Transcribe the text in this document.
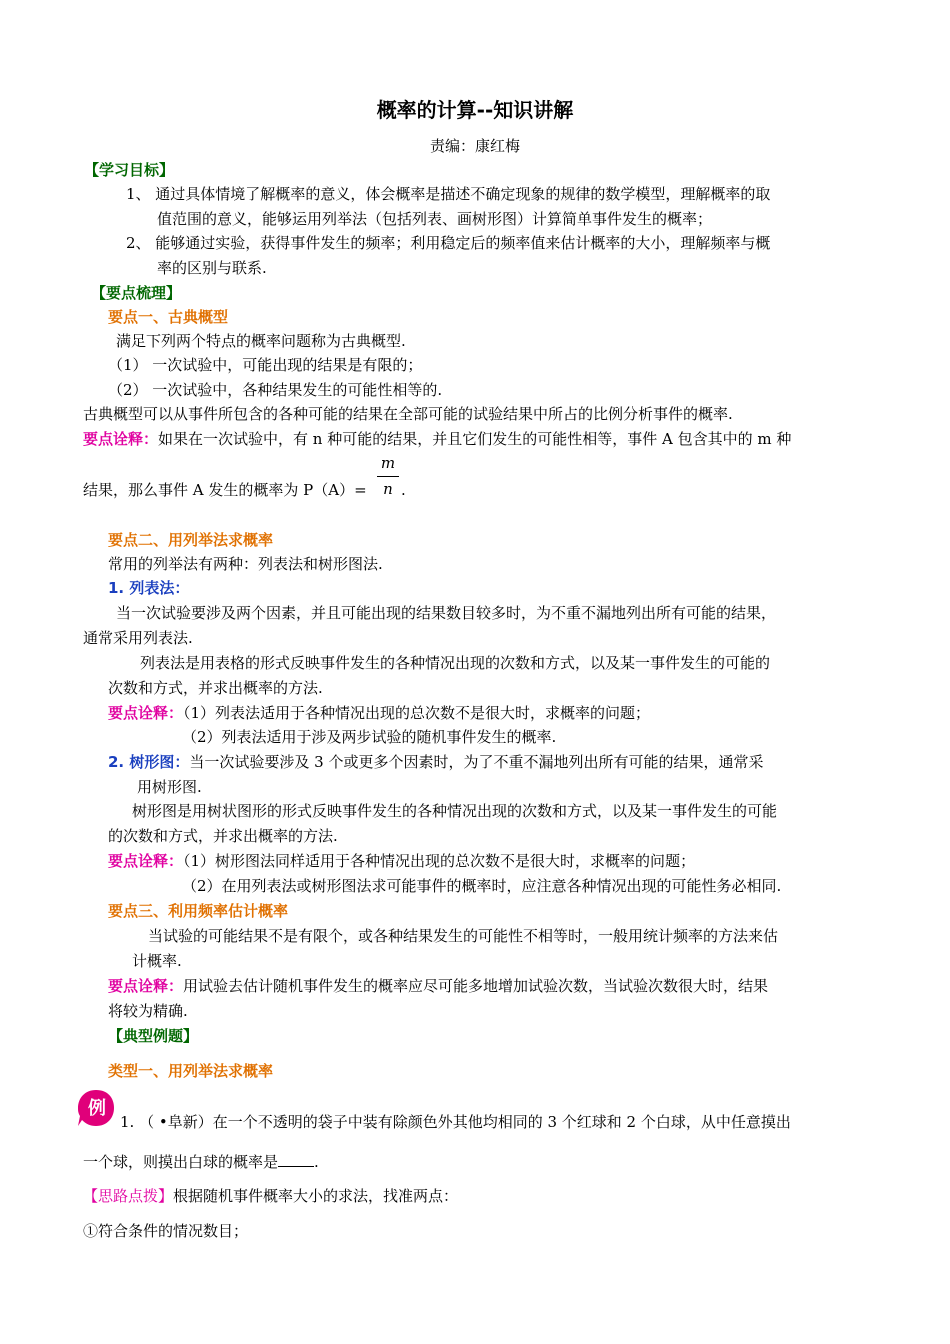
概率的计算--知识讲解
责编：康红梅
【学习目标】
1、 通过具体情境了解概率的意义，体会概率是描述不确定现象的规律的数学模型，理解概率的取
值范围的意义，能够运用列举法（包括列表、画树形图）计算简单事件发生的概率；
2、 能够通过实验，获得事件发生的频率；利用稳定后的频率值来估计概率的大小，理解频率与概
率的区别与联系.
【要点梳理】
要点一、古典概型
满足下列两个特点的概率问题称为古典概型.
（1） 一次试验中，可能出现的结果是有限的；
（2） 一次试验中，各种结果发生的可能性相等的.
古典概型可以从事件所包含的各种可能的结果在全部可能的试验结果中所占的比例分析事件的概率.
要点诠释：如果在一次试验中，有 n 种可能的结果，并且它们发生的可能性相等，事件 A 包含其中的 m 种
m
结果，那么事件 A 发生的概率为 P（A）=	n .
要点二、用列举法求概率
常用的列举法有两种：列表法和树形图法.
1. 列表法：
当一次试验要涉及两个因素，并且可能出现的结果数目较多时，为不重不漏地列出所有可能的结果，
通常采用列表法.
列表法是用表格的形式反映事件发生的各种情况出现的次数和方式，以及某一事件发生的可能的
次数和方式，并求出概率的方法.
要点诠释：（1）列表法适用于各种情况出现的总次数不是很大时，求概率的问题；
（2）列表法适用于涉及两步试验的随机事件发生的概率.
2. 树形图：当一次试验要涉及 3 个或更多个因素时，为了不重不漏地列出所有可能的结果，通常采
用树形图.
树形图是用树状图形的形式反映事件发生的各种情况出现的次数和方式，以及某一事件发生的可能
的次数和方式，并求出概率的方法.
要点诠释：（1）树形图法同样适用于各种情况出现的总次数不是很大时，求概率的问题；
（2）在用列表法或树形图法求可能事件的概率时，应注意各种情况出现的可能性务必相同.
要点三、利用频率估计概率
当试验的可能结果不是有限个，或各种结果发生的可能性不相等时，一般用统计频率的方法来估
计概率.
要点诠释：用试验去估计随机事件发生的概率应尽可能多地增加试验次数，当试验次数很大时，结果
将较为精确.
【典型例题】
类型一、用列举法求概率
例
1. （ •阜新）在一个不透明的袋子中装有除颜色外其他均相同的 3 个红球和 2 个白球，从中任意摸出
一个球，则摸出白球的概率是 .
【思路点拨】根据随机事件概率大小的求法，找准两点：
①符合条件的情况数目；
